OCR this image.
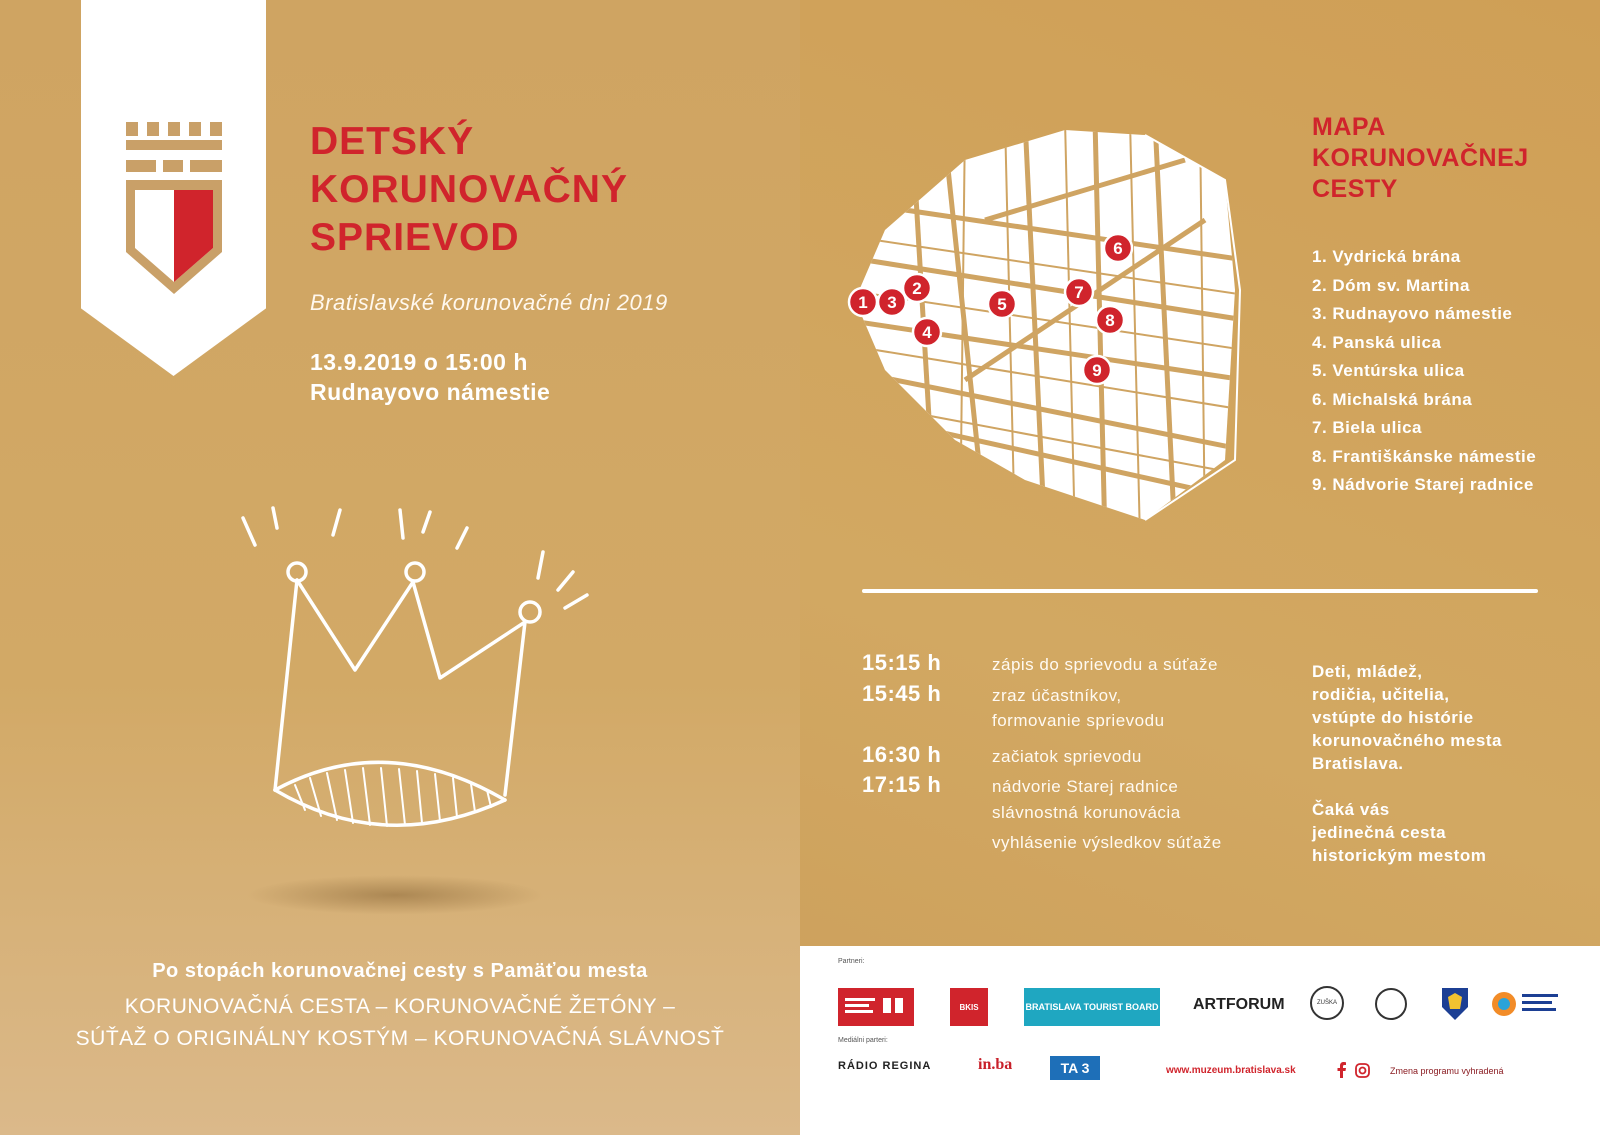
DETSKÝ
KORUNOVAČNÝ
SPRIEVOD
Bratislavské korunovačné dni 2019
13.9.2019 o 15:00 h
Rudnayovo námestie
Po stopách korunovačnej cesty s Pamäťou mesta
KORUNOVAČNÁ CESTA – KORUNOVAČNÉ ŽETÓNY –
SÚŤAŽ O ORIGINÁLNY KOSTÝM – KORUNOVAČNÁ SLÁVNOSŤ
1
2
3
4
5
6
7
8
9
MAPA
KORUNOVAČNEJ
CESTY
1. Vydrická brána
2. Dóm sv. Martina
3. Rudnayovo námestie
4. Panská ulica
5. Ventúrska ulica
6. Michalská brána
7. Biela ulica
8. Františkánske námestie
9. Nádvorie Starej radnice
15:15 h	zápis do sprievodu a súťaže
15:45 h	zraz účastníkov,
formovanie sprievodu
16:30 h	začiatok sprievodu
17:15 h	nádvorie Starej radnice
slávnostná korunovácia
vyhlásenie výsledkov súťaže

Deti, mládež,
rodičia, učitelia,
vstúpte do histórie
korunovačného mesta
Bratislava.

Čaká vás
jedinečná cesta
historickým mestom

Partneri:
BKIS	BRATISLAVA TOURIST BOARD ARTFORUM	ZUŠKA
Mediálni parteri:
RÁDIO REGINA	in.ba	TA 3	www.muzeum.bratislava.sk	Zmena programu vyhradená
